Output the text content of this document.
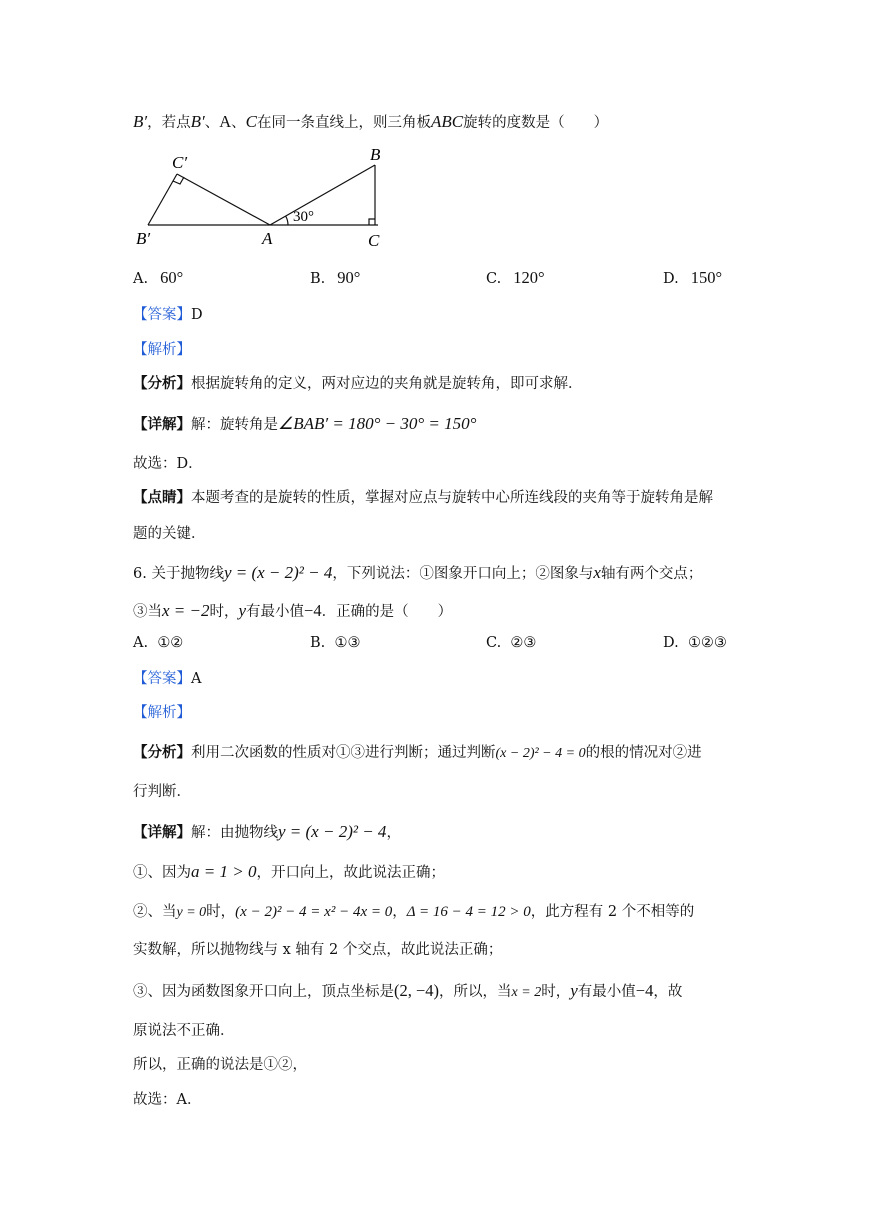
B′，若点B′、A、C在同一条直线上，则三角板ABC旋转的度数是（　　）
C′	B
B′	A	C
30°
A. 60°	B. 90°	C. 120°	D. 150°
【答案】D
【解析】
【分析】根据旋转角的定义，两对应边的夹角就是旋转角，即可求解．
【详解】解：旋转角是∠BAB′ = 180° − 30° = 150°
故选：D．
【点睛】本题考查的是旋转的性质，掌握对应点与旋转中心所连线段的夹角等于旋转角是解
题的关键．
6. 关于抛物线y = (x − 2)² − 4，下列说法：①图象开口向上；②图象与x轴有两个交点；
③当x = −2时，y有最小值−4．正确的是（　　）
A. ①②	B. ①③	C. ②③	D. ①②③
【答案】A
【解析】
【分析】利用二次函数的性质对①③进行判断；通过判断(x − 2)² − 4 = 0的根的情况对②进
行判断．
【详解】解：由抛物线y = (x − 2)² − 4，
①、因为a = 1 > 0，开口向上，故此说法正确；
②、当y = 0时，(x − 2)² − 4 = x² − 4x = 0，Δ = 16 − 4 = 12 > 0，此方程有 2 个不相等的
实数解，所以抛物线与 x 轴有 2 个交点，故此说法正确；
③、因为函数图象开口向上，顶点坐标是(2, −4)，所以，当x = 2时，y有最小值−4，故
原说法不正确．
所以，正确的说法是①②，
故选：A．
